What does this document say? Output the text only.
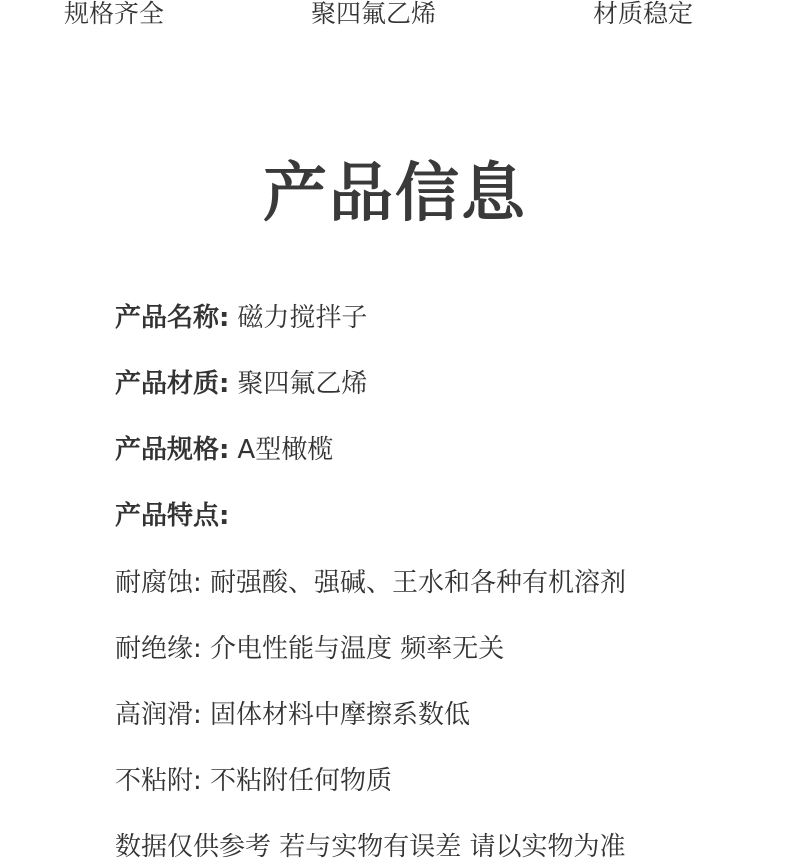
规格齐全	聚四氟乙烯	材质稳定
产品信息
产品名称: 磁力搅拌子
产品材质: 聚四氟乙烯
产品规格: A型橄榄
产品特点:
耐腐蚀: 耐强酸、强碱、王水和各种有机溶剂
耐绝缘: 介电性能与温度 频率无关
高润滑: 固体材料中摩擦系数低
不粘附: 不粘附任何物质
数据仅供参考 若与实物有误差 请以实物为准
